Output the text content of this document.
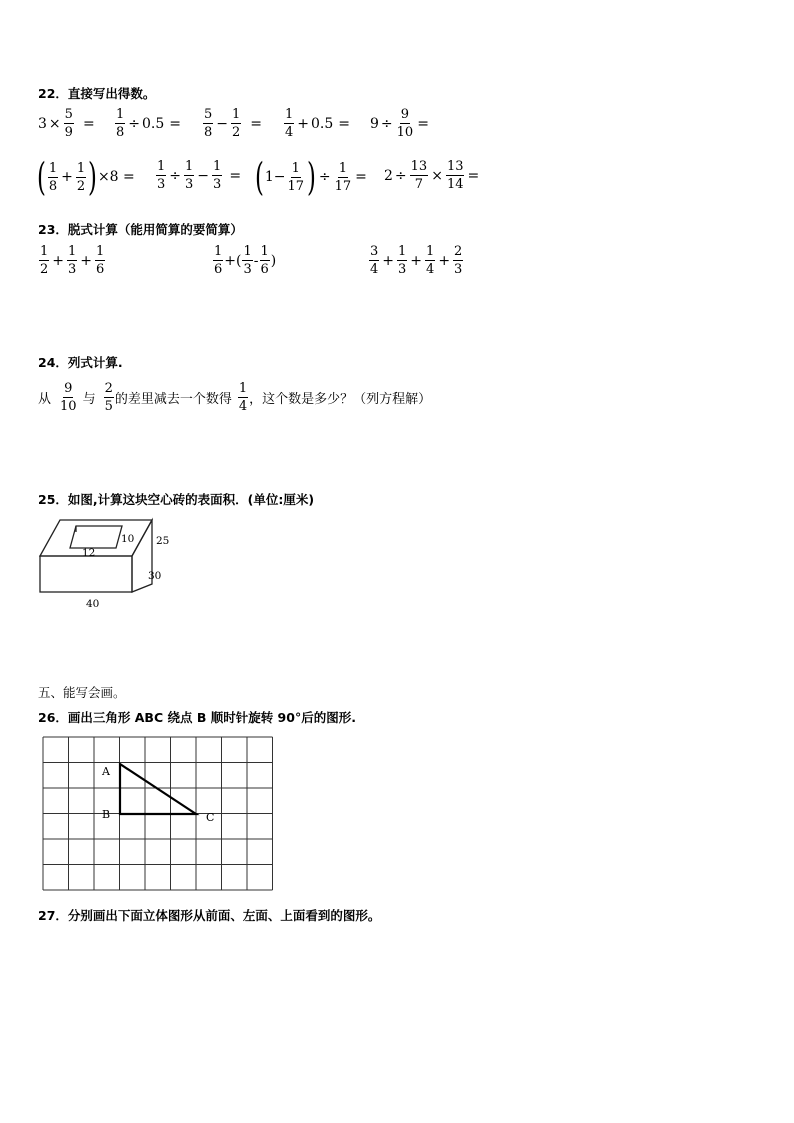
22．直接写出得数。
$3 \times \frac{5}{9} = \frac{1}{8} \div 0.5 = \frac{5}{8} - \frac{1}{2} = \frac{1}{4} + 0.5 = 9 \div \frac{9}{10}$ =
( $\frac{1}{8} + \frac{1}{2}$ ) $\times 8 = \frac{1}{3} \div \frac{1}{3} - \frac{1}{3}$ = ( $1- \frac{1}{17}$ ) ÷ $\frac{1}{17} = 2 \div \frac{13}{7} \times \frac{13}{14}$ =
23．脱式计算（能用简算的要简算）
$\frac{1}{2} + \frac{1}{3} + \frac{1}{6}$	$\frac{1}{6}$ +( $\frac{1}{3} - \frac{1}{6}$ )	$\frac{3}{4} + \frac{1}{3} + \frac{1}{4} + \frac{2}{3}$
24．列式计算.
从 $\frac{9}{10}$ 与 $\frac{2}{5}$ 的差里减去一个数得 $\frac{1}{4}$ ，这个数是多少？（列方程解）
25．如图,计算这块空心砖的表面积．(单位:厘米)
12
10 25
30
40
五、能写会画。
26．画出三角形 ABC 绕点 B 顺时针旋转 90°后的图形.
A
B	C
27．分别画出下面立体图形从前面、左面、上面看到的图形。
